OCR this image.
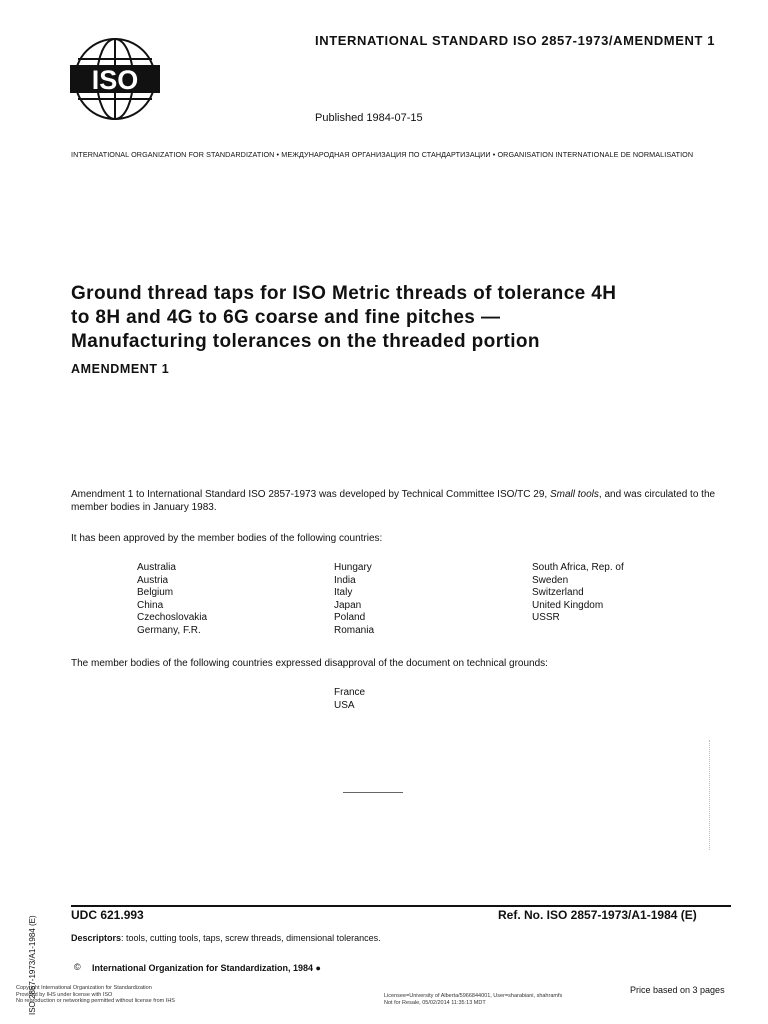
ISO
INTERNATIONAL STANDARD ISO 2857-1973/AMENDMENT 1
Published 1984-07-15
INTERNATIONAL ORGANIZATION FOR STANDARDIZATION • МЕЖДУНАРОДНАЯ ОРГАНИЗАЦИЯ ПО СТАНДАРТИЗАЦИИ • ORGANISATION INTERNATIONALE DE NORMALISATION
Ground thread taps for ISO Metric threads of tolerance 4H
to 8H and 4G to 6G coarse and fine pitches —
Manufacturing tolerances on the threaded portion
AMENDMENT 1
Amendment 1 to International Standard ISO 2857-1973 was developed by Technical Committee ISO/TC 29, Small tools, and was circulated to the member bodies in January 1983.
It has been approved by the member bodies of the following countries:
Australia
Austria
Belgium
China
Czechoslovakia
Germany, F.R.
Hungary
India
Italy
Japan
Poland
Romania
South Africa, Rep. of
Sweden
Switzerland
United Kingdom
USSR
The member bodies of the following countries expressed disapproval of the document on technical grounds:
France
USA
ISO 2857-1973/A1-1984 (E)
UDC 621.993	Ref. No. ISO 2857-1973/A1-1984 (E)
Descriptors: tools, cutting tools, taps, screw threads, dimensional tolerances.
© International Organization for Standardization, 1984 ●
Copyright International Organization for Standardization
Provided by IHS under license with ISO
No reproduction or networking permitted without license from IHS
Licensee=University of Alberta/5966844001, User=sharabiani, shahramfs
Not for Resale, 05/02/2014 11:35:13 MDT
Price based on 3 pages
